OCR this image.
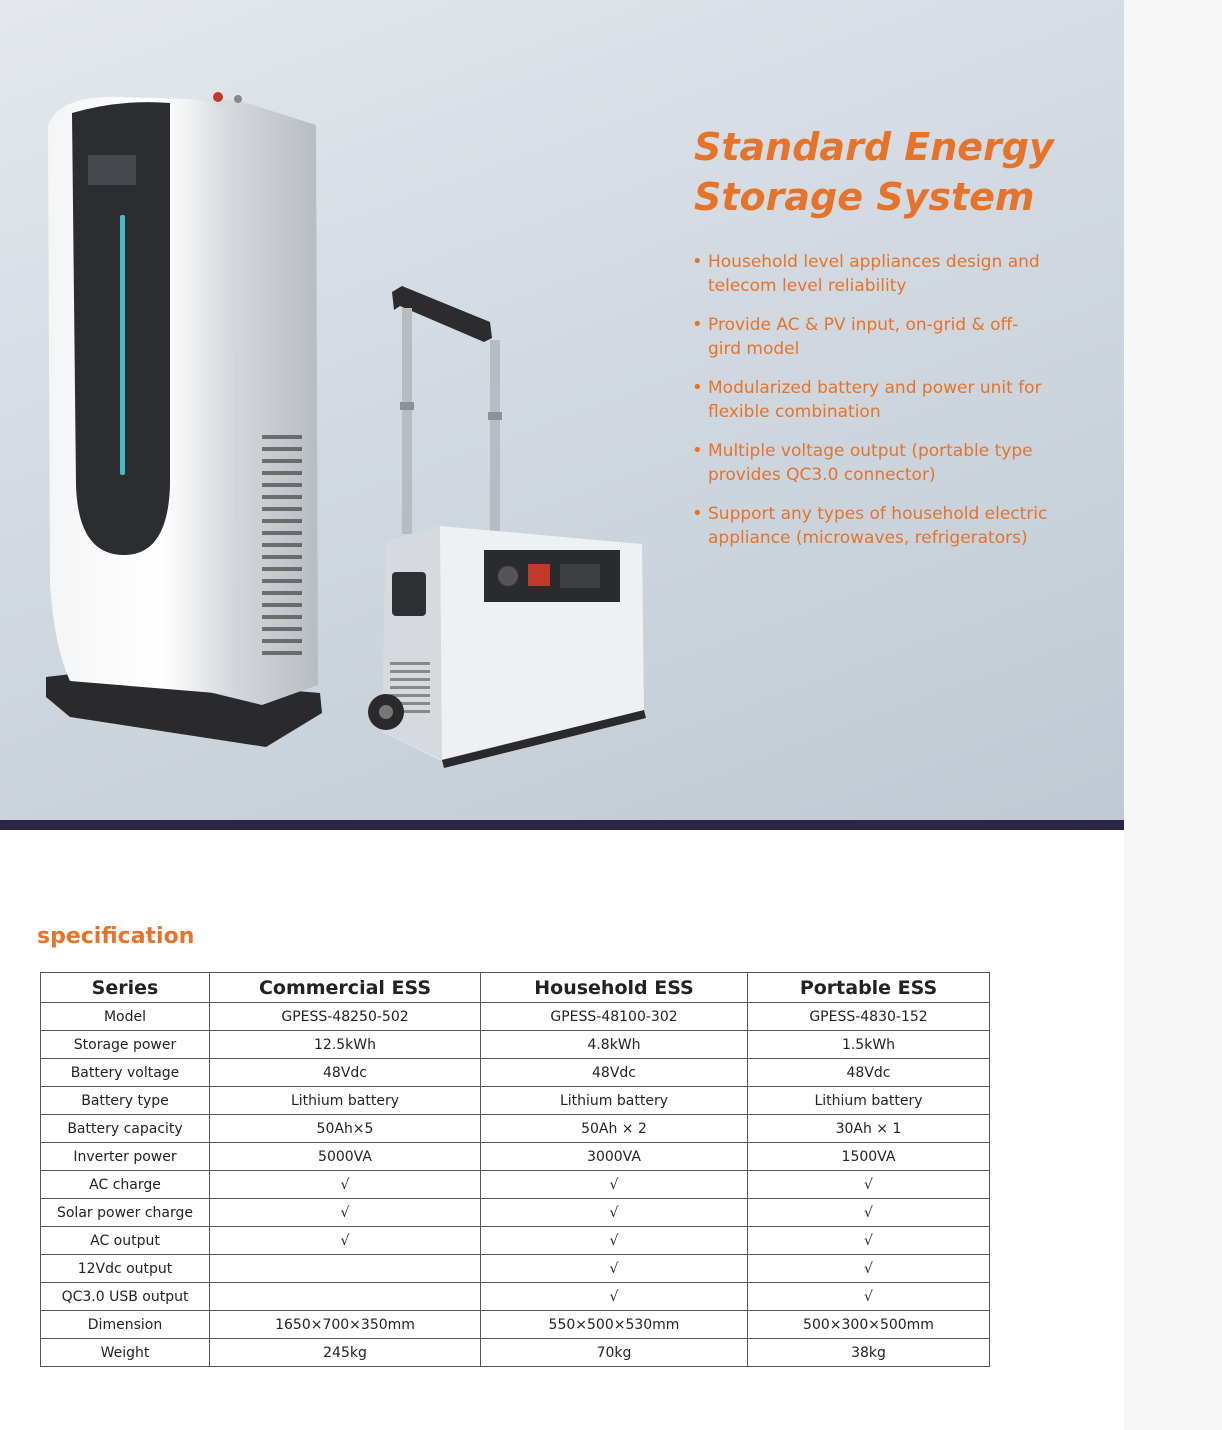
Standard Energy
Storage System
• Household level appliances design and telecom level reliability
• Provide AC & PV input, on-grid & off-gird model
• Modularized battery and power unit for flexible combination
• Multiple voltage output (portable type provides QC3.0 connector)
• Support any types of household electric appliance (microwaves, refrigerators)
specification
Series	Commercial ESS	Household ESS	Portable ESS
Model	GPESS-48250-502	GPESS-48100-302	GPESS-4830-152
Storage power	12.5kWh	4.8kWh	1.5kWh
Battery voltage	48Vdc	48Vdc	48Vdc
Battery type	Lithium battery	Lithium battery	Lithium battery
Battery capacity	50Ah×5	50Ah × 2	30Ah × 1
Inverter power	5000VA	3000VA	1500VA
AC charge	√	√	√
Solar power charge	√	√	√
AC output	√	√	√
12Vdc output		√	√
QC3.0 USB output		√	√
Dimension	1650×700×350mm	550×500×530mm	500×300×500mm
Weight	245kg	70kg	38kg
